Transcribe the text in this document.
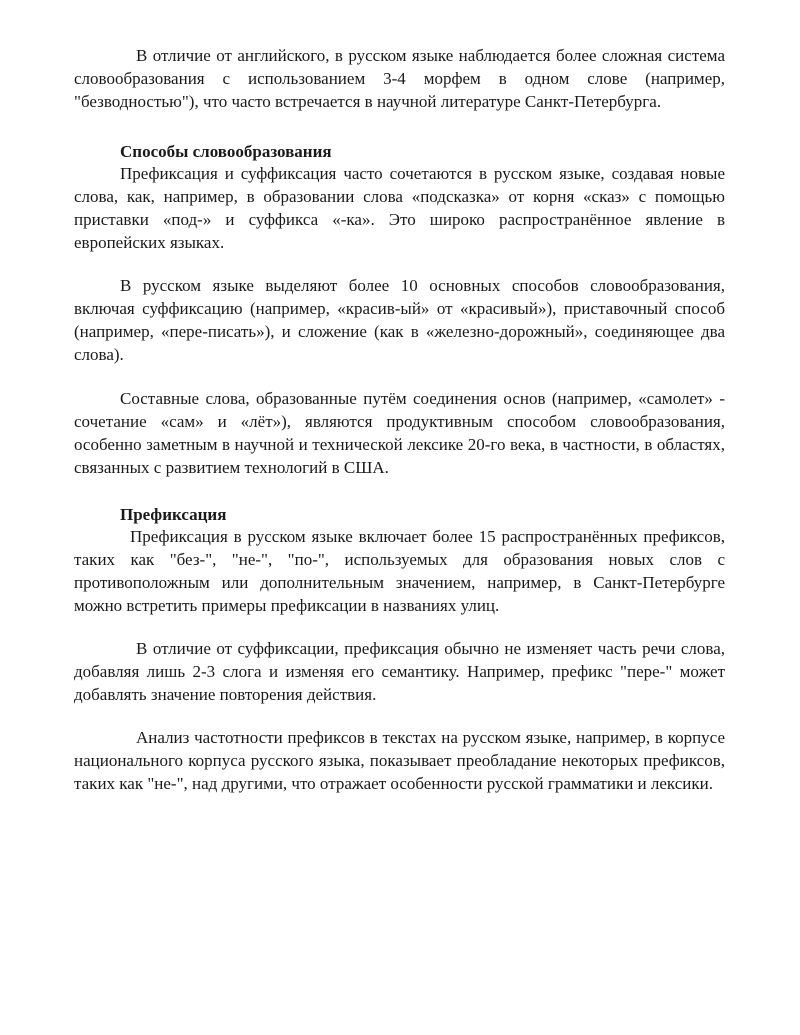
В отличие от английского, в русском языке наблюдается более сложная система словообразования с использованием 3-4 морфем в одном слове (например, "безводностью"), что часто встречается в научной литературе Санкт-Петербурга.

Способы словообразования

Префиксация и суффиксация часто сочетаются в русском языке, создавая новые слова, как, например, в образовании слова «подсказка» от корня «сказ» с помощью приставки «под-» и суффикса «-ка». Это широко распространённое явление в европейских языках.

В русском языке выделяют более 10 основных способов словообразования, включая суффиксацию (например, «красив-ый» от «красивый»), приставочный способ (например, «пере-писать»), и сложение (как в «железно-дорожный», соединяющее два слова).

Составные слова, образованные путём соединения основ (например, «самолет» - сочетание «сам» и «лёт»), являются продуктивным способом словообразования, особенно заметным в научной и технической лексике 20-го века, в частности, в областях, связанных с развитием технологий в США.

Префиксация

Префиксация в русском языке включает более 15 распространённых префиксов, таких как "без-", "не-", "по-", используемых для образования новых слов с противоположным или дополнительным значением, например, в Санкт-Петербурге можно встретить примеры префиксации в названиях улиц.

В отличие от суффиксации, префиксация обычно не изменяет часть речи слова, добавляя лишь 2-3 слога и изменяя его семантику. Например, префикс "пере-" может добавлять значение повторения действия.

Анализ частотности префиксов в текстах на русском языке, например, в корпусе национального корпуса русского языка, показывает преобладание некоторых префиксов, таких как "не-", над другими, что отражает особенности русской грамматики и лексики.
